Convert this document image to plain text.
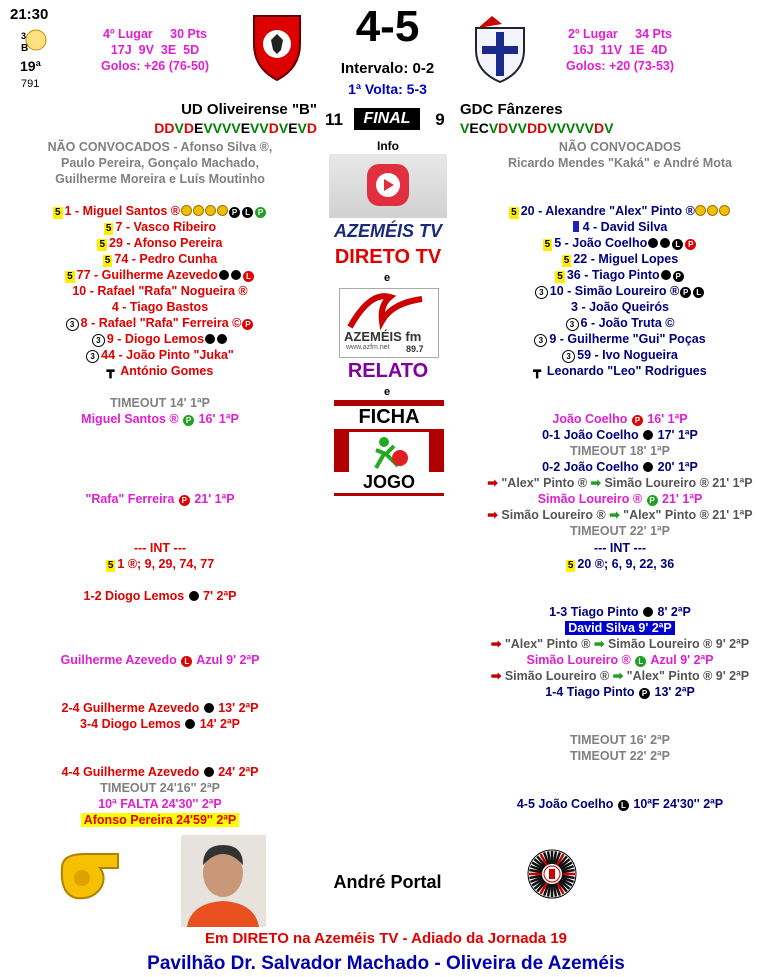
21:30
3
B
19ª
791
4º Lugar     30 Pts
17J  9V  3E  5D
Golos: +26 (76-50)
4-5
Intervalo: 0-2
1ª Volta: 5-3
2º Lugar     34 Pts
16J  11V  1E  4D
Golos: +20 (73-53)
UD Oliveirense "B"
DDVDEVVVVEVVDVEVD 11	FINAL	9
GDC Fânzeres
VECVDVVDDVVVVVDV
NÃO CONVOCADOS - Afonso Silva ®,
Paulo Pereira, Gonçalo Machado,
Guilherme Moreira e Luís Moutinho
NÃO CONVOCADOS
Ricardo Mendes "Kaká" e André Mota
Info
AZEMÉIS TV
DIRETO TV
e
AZEMÉIS fm
89.7
www.azfm.net
RELATO
e
FICHA
JOGO
5 1 - Miguel Santos ®	P L P
5 7 - Vasco Ribeiro
5 29 - Afonso Pereira
5 74 - Pedro Cunha
5 77 - Guilherme Azevedo	L
10 - Rafael "Rafa" Nogueira ®
4 - Tiago Bastos
3 8 - Rafael "Rafa" Ferreira © P
3 9 - Diogo Lemos
3 44 - João Pinto "Juka"
┳ António Gomes
5 20 - Alexandre "Alex" Pinto ®
4 - David Silva
5 5 - João Coelho	L P
5 22 - Miguel Lopes
5 36 - Tiago Pinto P
3 10 - Simão Loureiro ® P L
3 - João Queirós
3 6 - João Truta ©
3 9 - Guilherme "Gui" Poças
3 59 - Ivo Nogueira
┳ Leonardo "Leo" Rodrigues
TIMEOUT 14' 1ªP
Miguel Santos ® P 16' 1ªP
"Rafa" Ferreira P 21' 1ªP
--- INT ---
5 1 ®; 9, 29, 74, 77
1-2 Diogo Lemos  7' 2ªP
Guilherme Azevedo L Azul 9' 2ªP
2-4 Guilherme Azevedo  13' 2ªP
3-4 Diogo Lemos  14' 2ªP
4-4 Guilherme Azevedo  24' 2ªP
TIMEOUT 24'16'' 2ªP
10ª FALTA 24'30'' 2ªP
Afonso Pereira 24'59'' 2ªP
João Coelho P 16' 1ªP
0-1 João Coelho  17' 1ªP
TIMEOUT 18' 1ªP
0-2 João Coelho  20' 1ªP
➡ "Alex" Pinto ® ➡ Simão Loureiro ® 21' 1ªP
Simão Loureiro ® P 21' 1ªP
➡ Simão Loureiro ® ➡ "Alex" Pinto ® 21' 1ªP
TIMEOUT 22' 1ªP
--- INT ---
5 20 ®; 6, 9, 22, 36
1-3 Tiago Pinto  8' 2ªP
David Silva 9' 2ªP
➡ "Alex" Pinto ® ➡ Simão Loureiro ® 9' 2ªP
Simão Loureiro ® L Azul 9' 2ªP
➡ Simão Loureiro ® ➡ "Alex" Pinto ® 9' 2ªP
1-4 Tiago Pinto P 13' 2ªP
TIMEOUT 16' 2ªP
TIMEOUT 22' 2ªP
4-5 João Coelho L 10ªF 24'30'' 2ªP
André Portal
Em DIRETO na Azeméis TV - Adiado da Jornada 19
Pavilhão Dr. Salvador Machado - Oliveira de Azeméis
